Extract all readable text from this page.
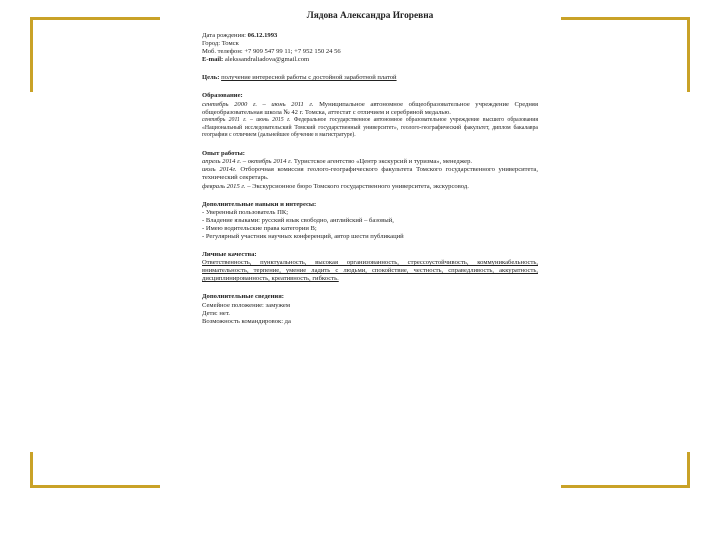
Лядова Александра Игоревна
Дата рождения: 06.12.1993
Город: Томск
Моб. телефон: +7 909 547 99 11; +7 952 150 24 56
E-mail: alekssandraliadova@gmail.com
Цель: получение интересной работы с достойной заработной платой
Образование:
сентябрь 2000 г. – июнь 2011 г. Муниципальное автономное общеобразовательное учреждение Средняя общеобразовательная школа № 42 г. Томска, аттестат с отличием и серебряной медалью.
сентябрь 2011 г. – июнь 2015 г. Федеральное государственное автономное образовательное учреждение высшего образования «Национальный исследовательский Томский государственный университет», геолого-географический факультет, диплом бакалавра географии с отличием (дальнейшее обучение в магистратуре).
Опыт работы:
апрель 2014 г. – октябрь 2014 г. Туристское агентство «Центр экскурсий и туризма», менеджер.
июль 2014г. Отборочная комиссия геолого-географического факультета Томского государственного университета, технический секретарь.
февраль 2015 г. – Экскурсионное бюро Томского государственного университета, экскурсовод.
Дополнительные навыки и интересы:
- Уверенный пользователь ПК;
- Владение языками: русский язык свободно, английский – базовый,
- Имею водительские права категории В;
- Регулярный участник научных конференций, автор шести публикаций
Личные качества:
Ответственность, пунктуальность, высокая организованность, стрессоустойчивость, коммуникабельность, внимательность, терпение, умение ладить с людьми, спокойствие, честность, справедливость, аккуратность, дисциплинированность, креативность, гибкость.
Дополнительные сведения:
Семейное положение: замужем
Дети: нет.
Возможность командировок: да
